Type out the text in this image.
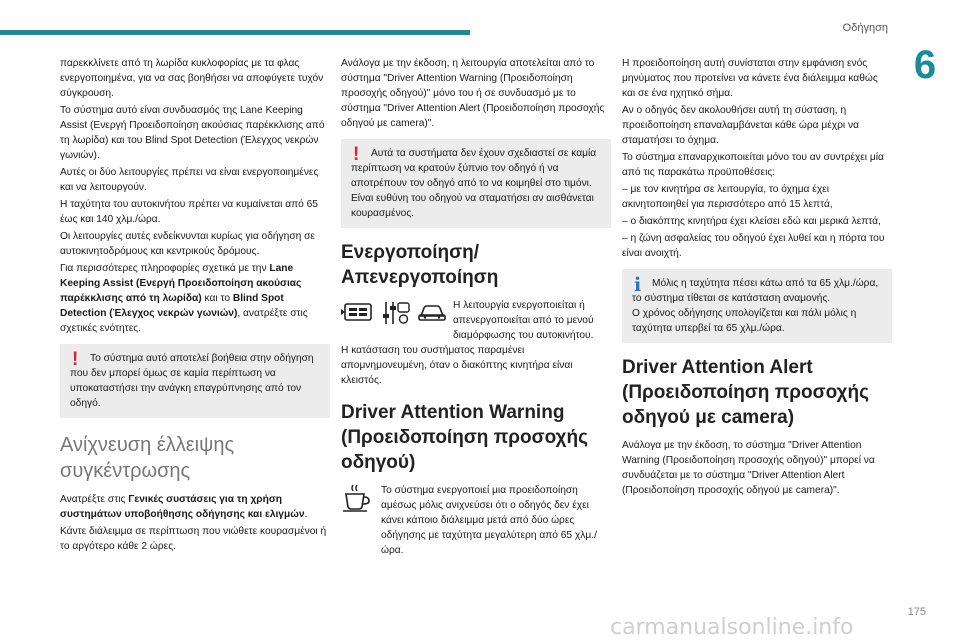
Οδήγηση
6

παρεκκλίνετε από τη λωρίδα κυκλοφορίας με τα φλας ενεργοποιημένα, για να σας βοηθήσει να αποφύγετε τυχόν σύγκρουση.

Το σύστημα αυτό είναι συνδυασμός της Lane Keeping Assist (Ενεργή Προειδοποίηση ακούσιας παρέκκλισης από τη λωρίδα) και του Blind Spot Detection (Έλεγχος νεκρών γωνιών).

Αυτές οι δύο λειτουργίες πρέπει να είναι ενεργοποιημένες και να λειτουργούν.

Η ταχύτητα του αυτοκινήτου πρέπει να κυμαίνεται από 65 έως και 140 χλμ./ώρα.

Οι λειτουργίες αυτές ενδείκνυνται κυρίως για οδήγηση σε αυτοκινητοδρόμους και κεντρικούς δρόμους.

Για περισσότερες πληροφορίες σχετικά με την Lane Keeping Assist (Ενεργή Προειδοποίηση ακούσιας παρέκκλισης από τη λωρίδα) και το Blind Spot Detection (Έλεγχος νεκρών γωνιών), ανατρέξτε στις σχετικές ενότητες.

!	Το σύστημα αυτό αποτελεί βοήθεια στην οδήγηση που δεν μπορεί όμως σε καμία περίπτωση να υποκαταστήσει την ανάγκη επαγρύπνησης από τον οδηγό.
Ανίχνευση έλλειψης συγκέντρωσης

Ανατρέξτε στις Γενικές συστάσεις για τη χρήση συστημάτων υποβοήθησης οδήγησης και ελιγμών.

Κάντε διάλειμμα σε περίπτωση που νιώθετε κουρασμένοι ή το αργότερο κάθε 2 ώρες.

Ανάλογα με την έκδοση, η λειτουργία αποτελείται από το σύστημα "Driver Attention Warning (Προειδοποίηση προσοχής οδηγού)" μόνο του ή σε συνδυασμό με το σύστημα "Driver Attention Alert (Προειδοποίηση προσοχής οδηγού με camera)".

!	Αυτά τα συστήματα δεν έχουν σχεδιαστεί σε καμία περίπτωση να κρατούν ξύπνιο τον οδηγό ή να αποτρέπουν τον οδηγό από το να κοιμηθεί στο τιμόνι.
Είναι ευθύνη του οδηγού να σταματήσει αν αισθάνεται κουρασμένος.
Ενεργοποίηση/ Απενεργοποίηση
Η λειτουργία ενεργοποιείται ή απενεργοποιείται από το μενού διαμόρφωσης του αυτοκινήτου.

Η κατάσταση του συστήματος παραμένει απομνημονευμένη, όταν ο διακόπτης κινητήρα είναι κλειστός.

Driver Attention Warning (Προειδοποίηση προσοχής οδηγού)
Το σύστημα ενεργοποιεί μια προειδοποίηση αμέσως μόλις ανιχνεύσει ότι ο οδηγός δεν έχει κάνει κάποιο διάλειμμα μετά από δύο ώρες οδήγησης με ταχύτητα μεγαλύτερη από 65 χλμ./ώρα.

Η προειδοποίηση αυτή συνίσταται στην εμφάνιση ενός μηνύματος που προτείνει να κάνετε ένα διάλειμμα καθώς και σε ένα ηχητικό σήμα.

Αν ο οδηγός δεν ακολουθήσει αυτή τη σύσταση, η προειδοποίηση επαναλαμβάνεται κάθε ώρα μέχρι να σταματήσει το όχημα.

Το σύστημα επαναρχικοποιείται μόνο του αν συντρέχει μία από τις παρακάτω προϋποθέσεις:

– με τον κινητήρα σε λειτουργία, το όχημα έχει ακινητοποιηθεί για περισσότερο από 15 λεπτά,

– ο διακόπτης κινητήρα έχει κλείσει εδώ και μερικά λεπτά,

– η ζώνη ασφαλείας του οδηγού έχει λυθεί και η πόρτα του είναι ανοιχτή.

i	Μόλις η ταχύτητα πέσει κάτω από τα 65 χλμ./ώρα, το σύστημα τίθεται σε κατάσταση αναμονής.
Ο χρόνος οδήγησης υπολογίζεται και πάλι μόλις η ταχύτητα υπερβεί τα 65 χλμ./ώρα.
Driver Attention Alert (Προειδοποίηση προσοχής οδηγού με camera)

Ανάλογα με την έκδοση, το σύστημα "Driver Attention Warning (Προειδοποίηση προσοχής οδηγού)" μπορεί να συνδυάζεται με το σύστημα "Driver Attention Alert (Προειδοποίηση προσοχής οδηγού με camera)".

carmanualsonline.info
175
